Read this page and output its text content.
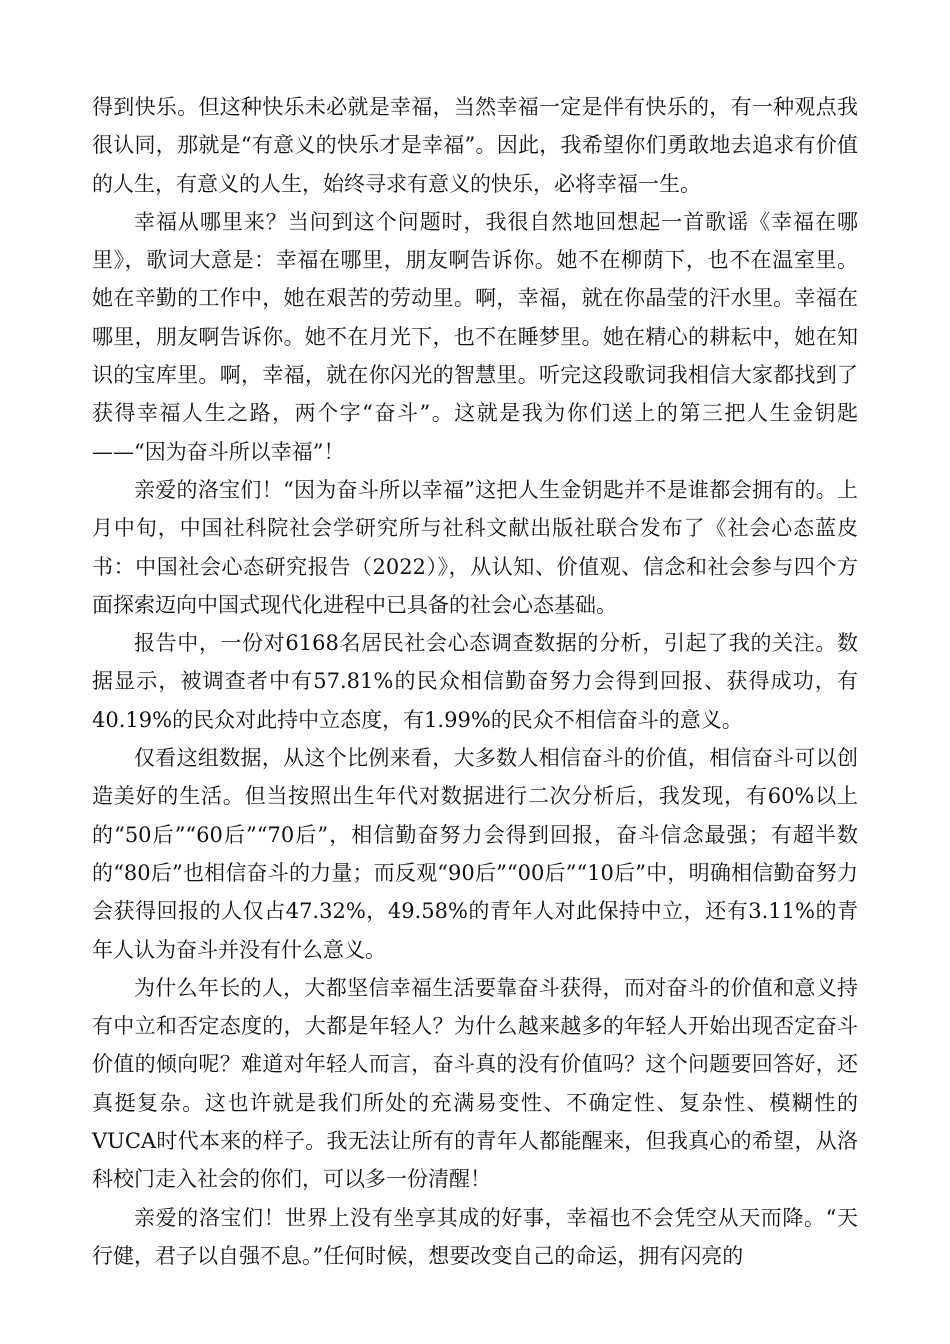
得到快乐。但这种快乐未必就是幸福，当然幸福一定是伴有快乐的，有一种观点我很认同，那就是“有意义的快乐才是幸福”。因此，我希望你们勇敢地去追求有价值的人生，有意义的人生，始终寻求有意义的快乐，必将幸福一生。

幸福从哪里来？当问到这个问题时，我很自然地回想起一首歌谣《幸福在哪里》，歌词大意是：幸福在哪里，朋友啊告诉你。她不在柳荫下，也不在温室里。她在辛勤的工作中，她在艰苦的劳动里。啊，幸福，就在你晶莹的汗水里。幸福在哪里，朋友啊告诉你。她不在月光下，也不在睡梦里。她在精心的耕耘中，她在知识的宝库里。啊，幸福，就在你闪光的智慧里。听完这段歌词我相信大家都找到了获得幸福人生之路，两个字“奋斗”。这就是我为你们送上的第三把人生金钥匙——“因为奋斗所以幸福”！

亲爱的洛宝们！“因为奋斗所以幸福”这把人生金钥匙并不是谁都会拥有的。上月中旬，中国社科院社会学研究所与社科文献出版社联合发布了《社会心态蓝皮书：中国社会心态研究报告（2022）》，从认知、价值观、信念和社会参与四个方面探索迈向中国式现代化进程中已具备的社会心态基础。

报告中，一份对6168名居民社会心态调查数据的分析，引起了我的关注。数据显示，被调查者中有57.81%的民众相信勤奋努力会得到回报、获得成功，有40.19%的民众对此持中立态度，有1.99%的民众不相信奋斗的意义。

仅看这组数据，从这个比例来看，大多数人相信奋斗的价值，相信奋斗可以创造美好的生活。但当按照出生年代对数据进行二次分析后，我发现，有60%以上的“50后”“60后”“70后”，相信勤奋努力会得到回报，奋斗信念最强；有超半数的“80后”也相信奋斗的力量；而反观“90后”“00后”“10后”中，明确相信勤奋努力会获得回报的人仅占47.32%，49.58%的青年人对此保持中立，还有3.11%的青年人认为奋斗并没有什么意义。

为什么年长的人，大都坚信幸福生活要靠奋斗获得，而对奋斗的价值和意义持有中立和否定态度的，大都是年轻人？为什么越来越多的年轻人开始出现否定奋斗价值的倾向呢？难道对年轻人而言，奋斗真的没有价值吗？这个问题要回答好，还真挺复杂。这也许就是我们所处的充满易变性、不确定性、复杂性、模糊性的VUCA时代本来的样子。我无法让所有的青年人都能醒来，但我真心的希望，从洛科校门走入社会的你们，可以多一份清醒！

亲爱的洛宝们！世界上没有坐享其成的好事，幸福也不会凭空从天而降。“天行健，君子以自强不息。”任何时候，想要改变自己的命运，拥有闪亮的
